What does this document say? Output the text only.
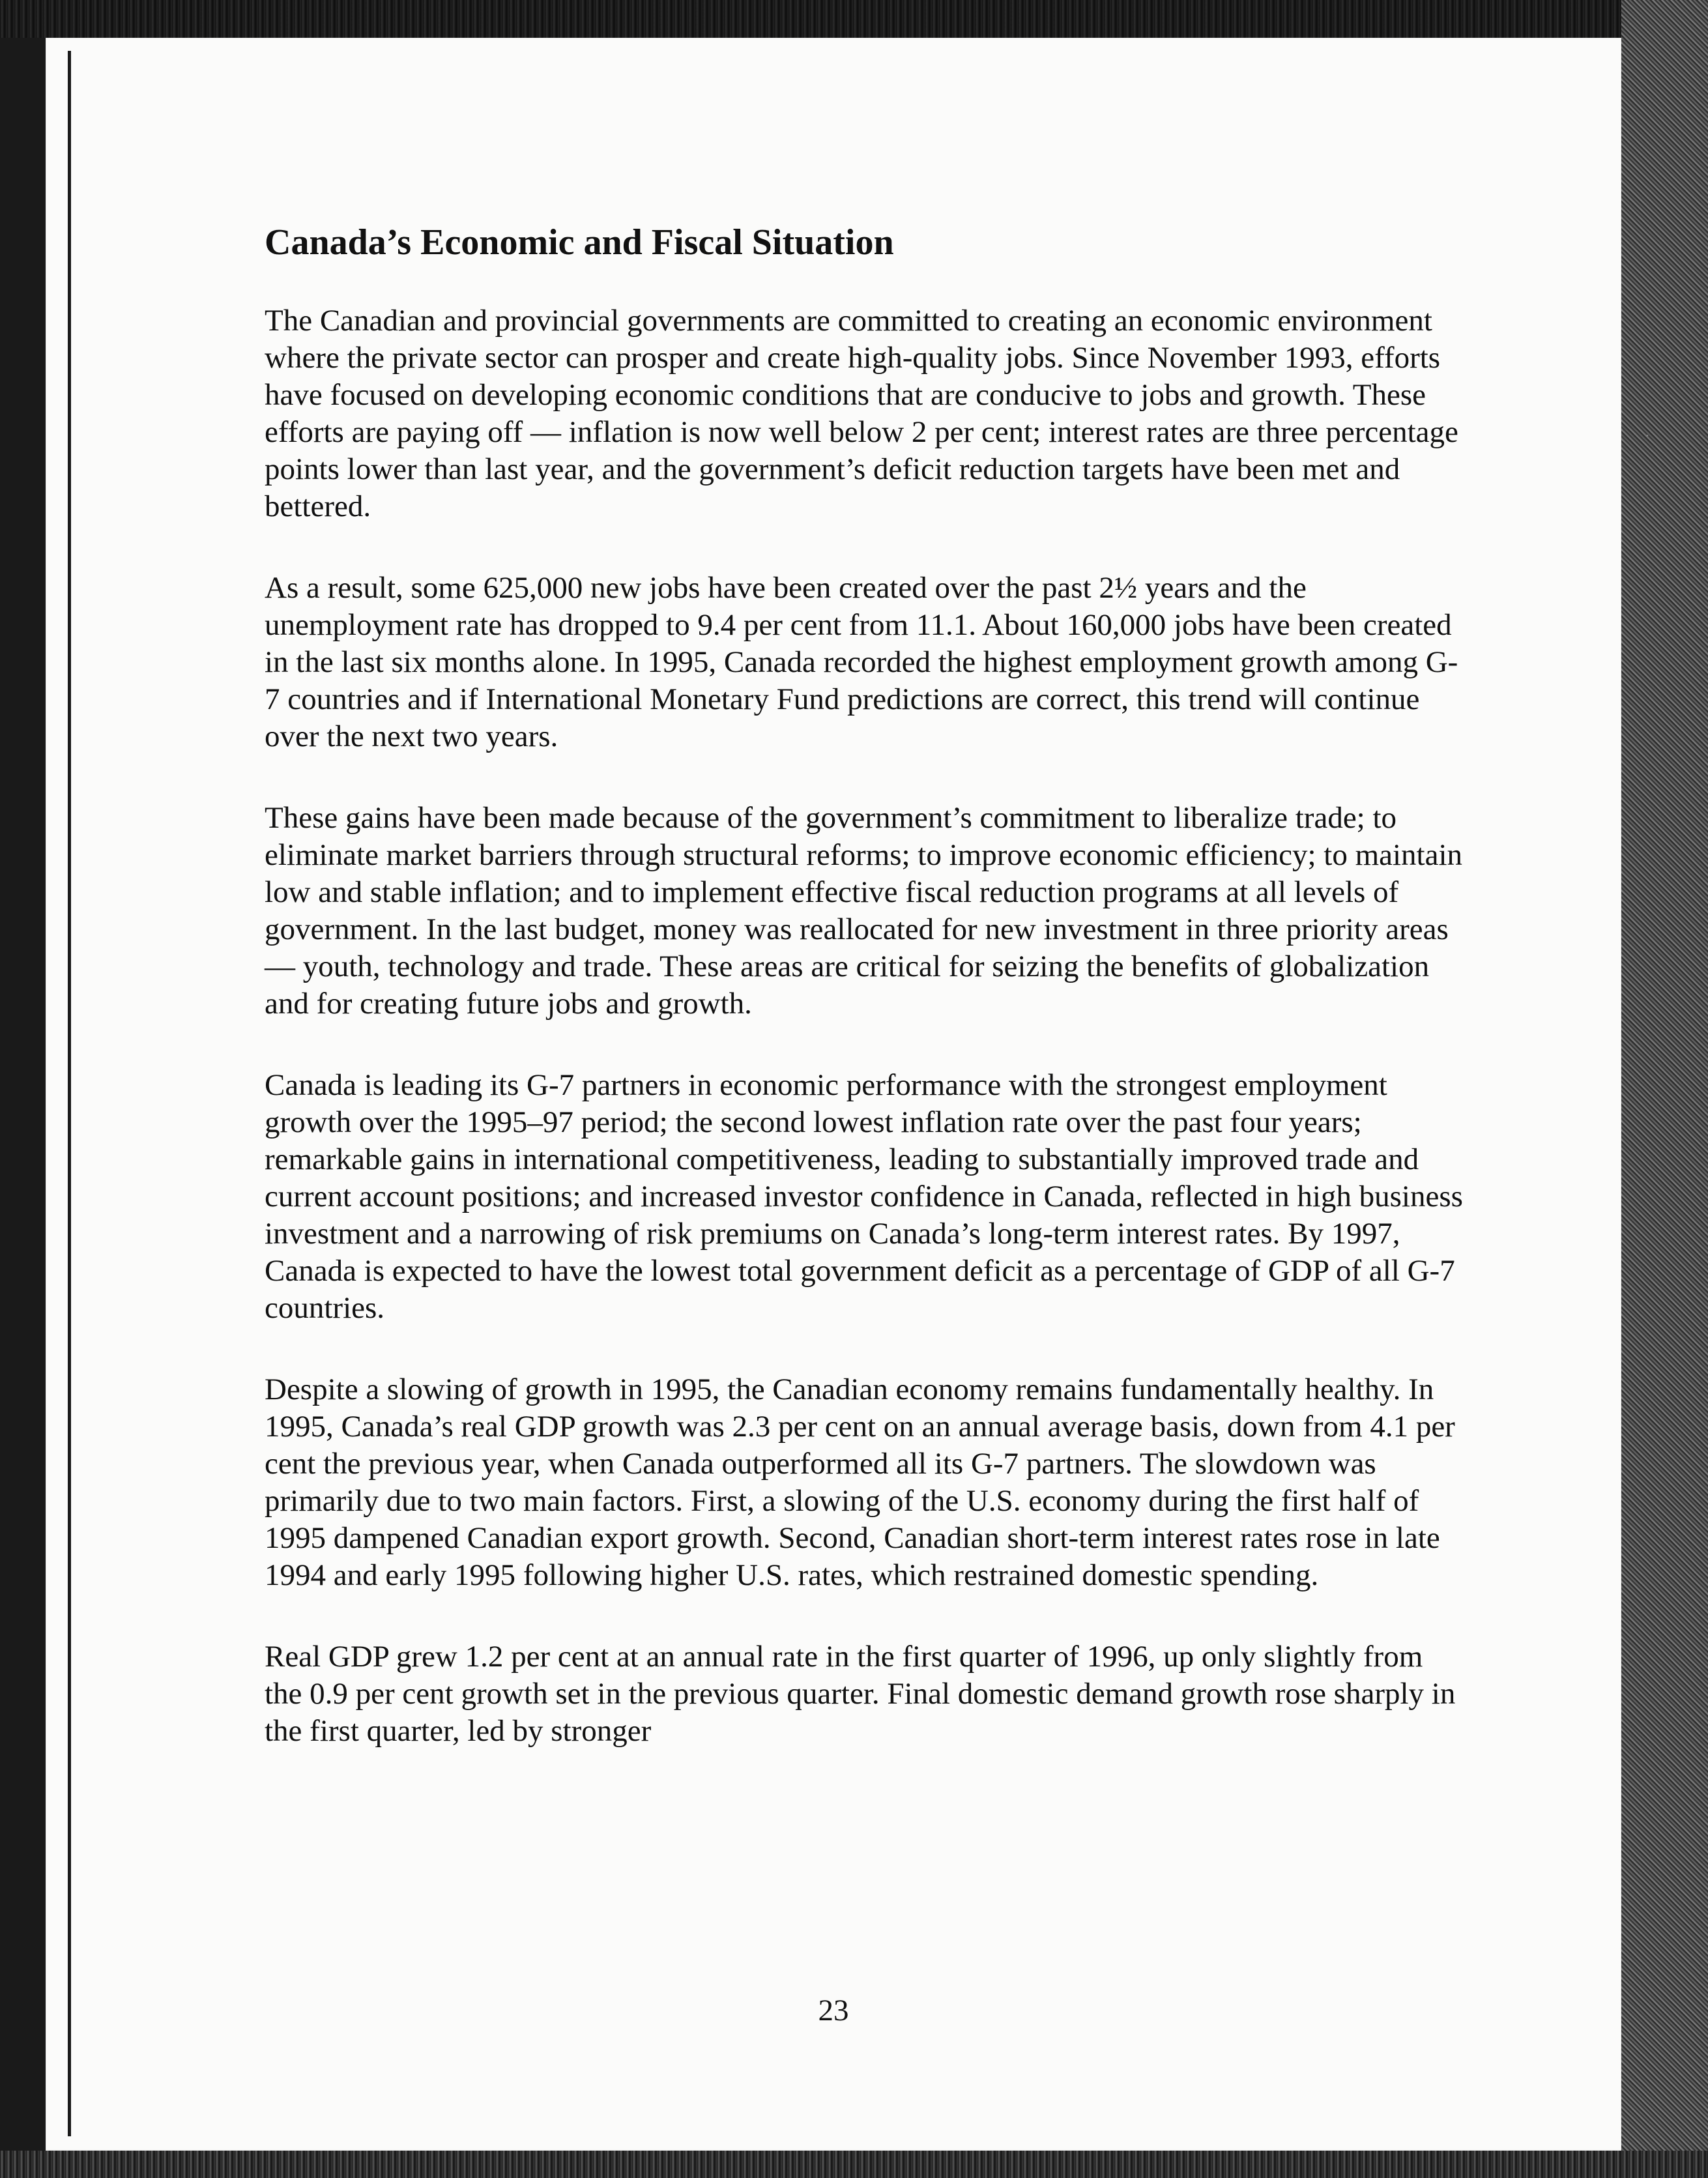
Canada’s Economic and Fiscal Situation

The Canadian and provincial governments are committed to creating an economic environment where the private sector can prosper and create high-quality jobs. Since November 1993, efforts have focused on developing economic conditions that are conducive to jobs and growth. These efforts are paying off — inflation is now well below 2 per cent; interest rates are three percentage points lower than last year, and the government’s deficit reduction targets have been met and bettered.

As a result, some 625,000 new jobs have been created over the past 2½ years and the unemployment rate has dropped to 9.4 per cent from 11.1. About 160,000 jobs have been created in the last six months alone. In 1995, Canada recorded the highest employment growth among G-7 countries and if International Monetary Fund predictions are correct, this trend will continue over the next two years.

These gains have been made because of the government’s commitment to liberalize trade; to eliminate market barriers through structural reforms; to improve economic efficiency; to maintain low and stable inflation; and to implement effective fiscal reduction programs at all levels of government. In the last budget, money was reallocated for new investment in three priority areas — youth, technology and trade. These areas are critical for seizing the benefits of globalization and for creating future jobs and growth.

Canada is leading its G-7 partners in economic performance with the strongest employment growth over the 1995–97 period; the second lowest inflation rate over the past four years; remarkable gains in international competitiveness, leading to substantially improved trade and current account positions; and increased investor confidence in Canada, reflected in high business investment and a narrowing of risk premiums on Canada’s long-term interest rates. By 1997, Canada is expected to have the lowest total government deficit as a percentage of GDP of all G-7 countries.

Despite a slowing of growth in 1995, the Canadian economy remains fundamentally healthy. In 1995, Canada’s real GDP growth was 2.3 per cent on an annual average basis, down from 4.1 per cent the previous year, when Canada outperformed all its G-7 partners. The slowdown was primarily due to two main factors. First, a slowing of the U.S. economy during the first half of 1995 dampened Canadian export growth. Second, Canadian short-term interest rates rose in late 1994 and early 1995 following higher U.S. rates, which restrained domestic spending.

Real GDP grew 1.2 per cent at an annual rate in the first quarter of 1996, up only slightly from the 0.9 per cent growth set in the previous quarter. Final domestic demand growth rose sharply in the first quarter, led by stronger

23
